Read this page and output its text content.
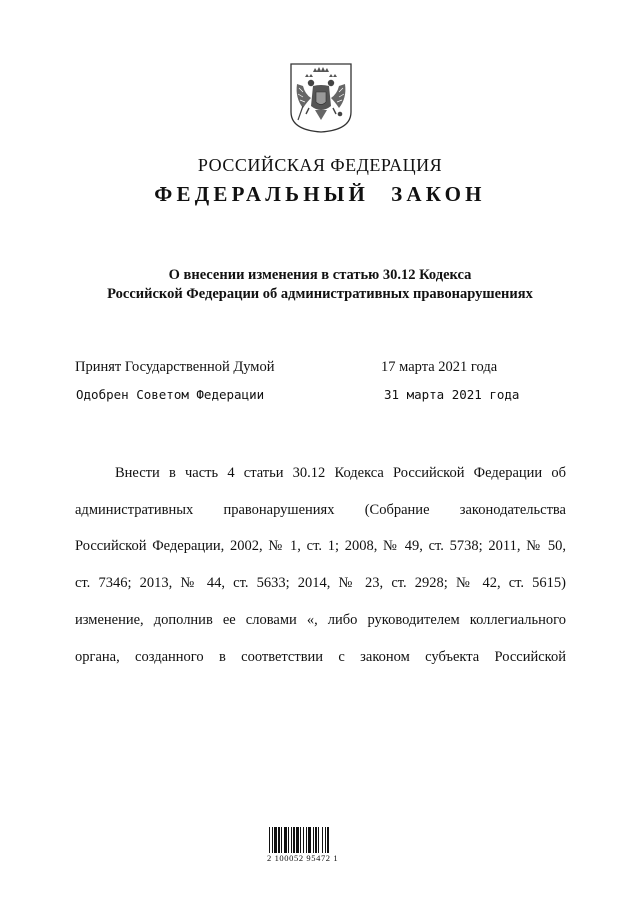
РОССИЙСКАЯ ФЕДЕРАЦИЯ
ФЕДЕРАЛЬНЫЙ ЗАКОН
О внесении изменения в статью 30.12 Кодекса
Российской Федерации об административных правонарушениях
Принят Государственной Думой	17 марта 2021 года
Одобрен Советом Федерации	31 марта 2021 года
Внести в часть 4 статьи 30.12 Кодекса Российской Федерации об
административных правонарушениях (Собрание законодательства
Российской Федерации, 2002, № 1, ст. 1; 2008, № 49, ст. 5738; 2011, № 50,
ст. 7346; 2013, № 44, ст. 5633; 2014, № 23, ст. 2928; № 42, ст. 5615)
изменение, дополнив ее словами «, либо руководителем коллегиального
органа, созданного в соответствии с законом субъекта Российской
2 100052 95472 1
